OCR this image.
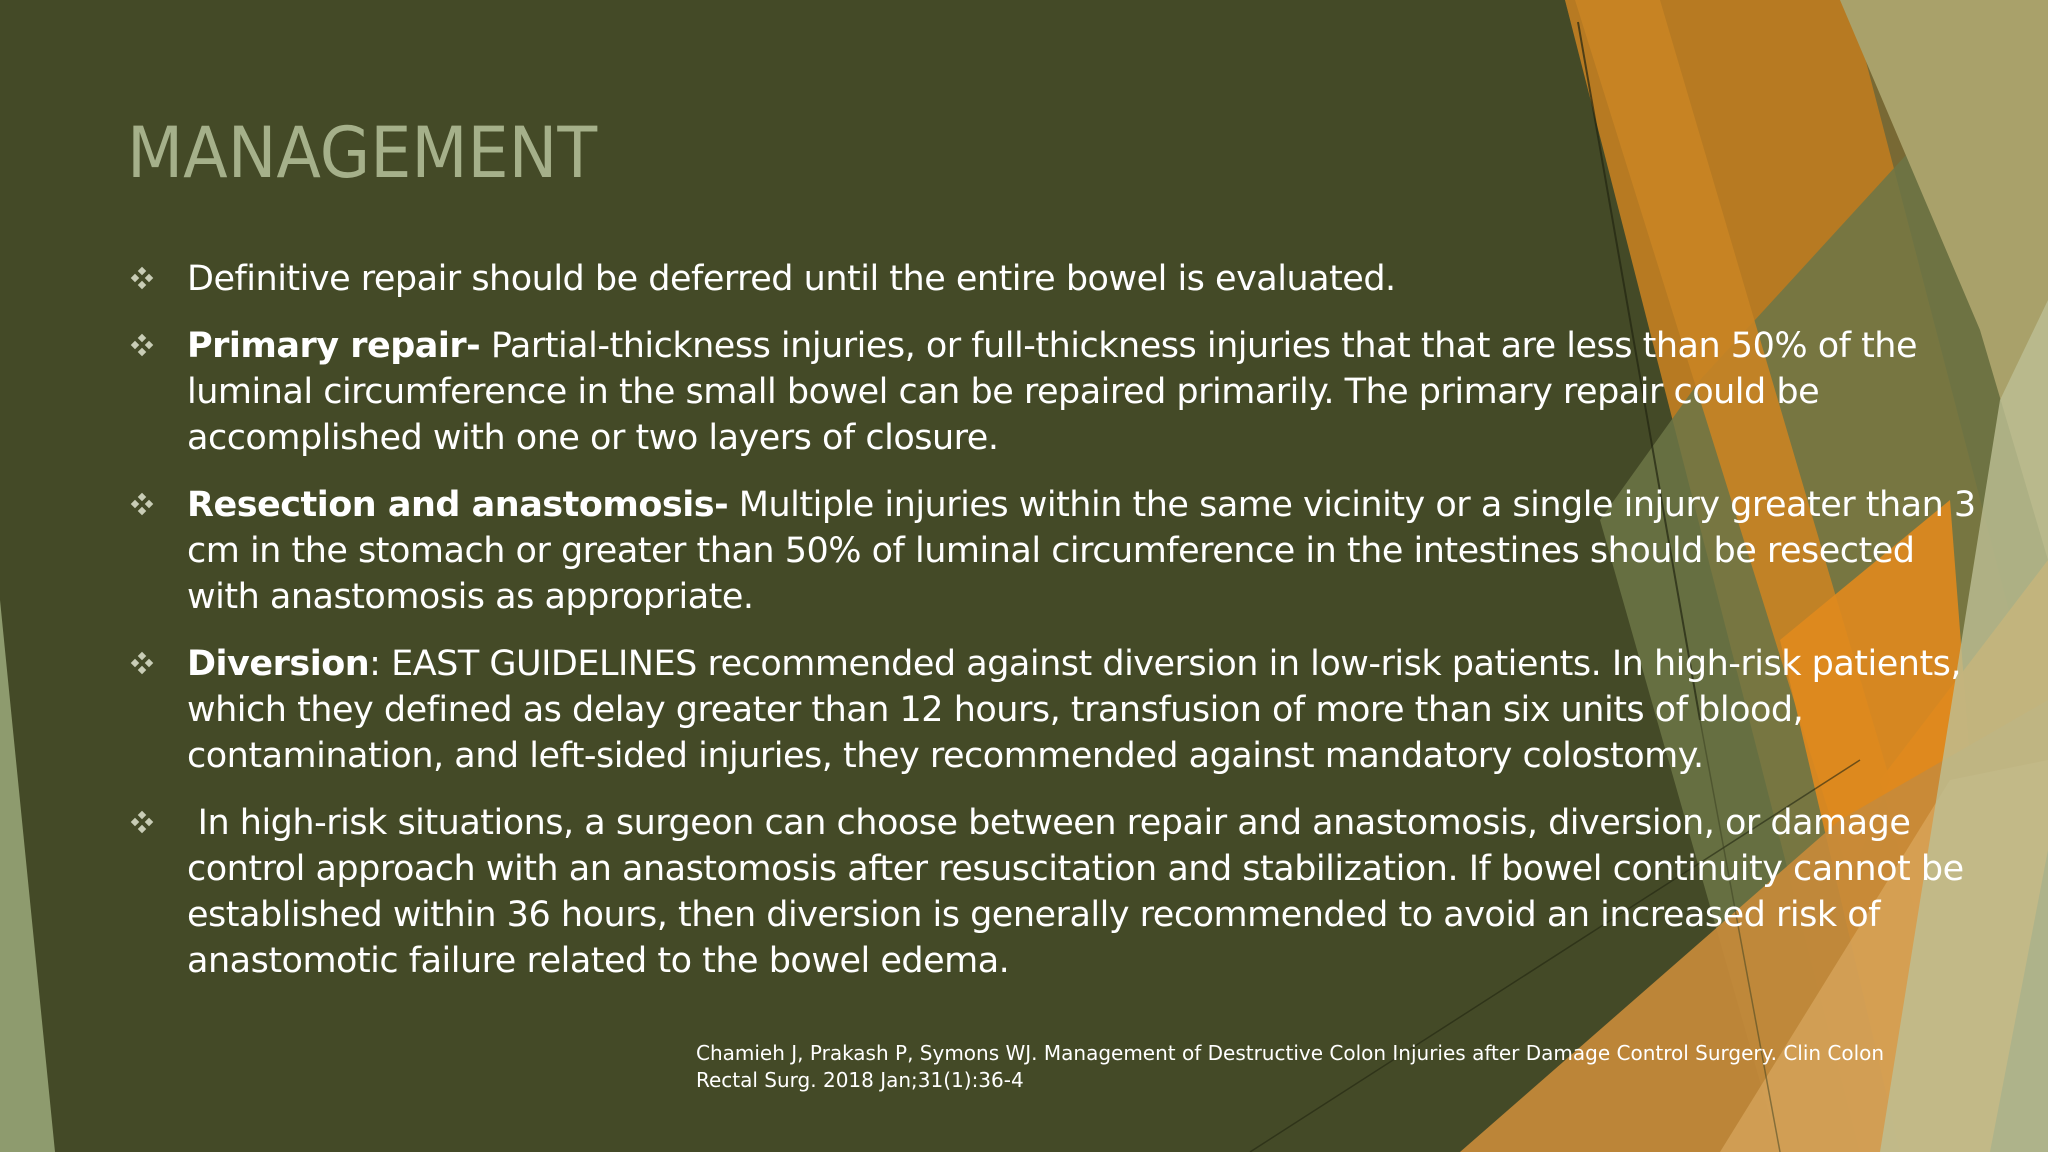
MANAGEMENT
Definitive repair should be deferred until the entire bowel is evaluated.
Primary repair- Partial-thickness injuries, or full-thickness injuries that that are less than 50% of the luminal circumference in the small bowel can be repaired primarily. The primary repair could be accomplished with one or two layers of closure.
Resection and anastomosis- Multiple injuries within the same vicinity or a single injury greater than 3 cm in the stomach or greater than 50% of luminal circumference in the intestines should be resected with anastomosis as appropriate.
Diversion: EAST GUIDELINES recommended against diversion in low-risk patients. In high-risk patients, which they defined as delay greater than 12 hours, transfusion of more than six units of blood, contamination, and left-sided injuries, they recommended against mandatory colostomy.
In high-risk situations, a surgeon can choose between repair and anastomosis, diversion, or damage control approach with an anastomosis after resuscitation and stabilization. If bowel continuity cannot be established within 36 hours, then diversion is generally recommended to avoid an increased risk of anastomotic failure related to the bowel edema.
Chamieh J, Prakash P, Symons WJ. Management of Destructive Colon Injuries after Damage Control Surgery. Clin Colon Rectal Surg. 2018 Jan;31(1):36-4
